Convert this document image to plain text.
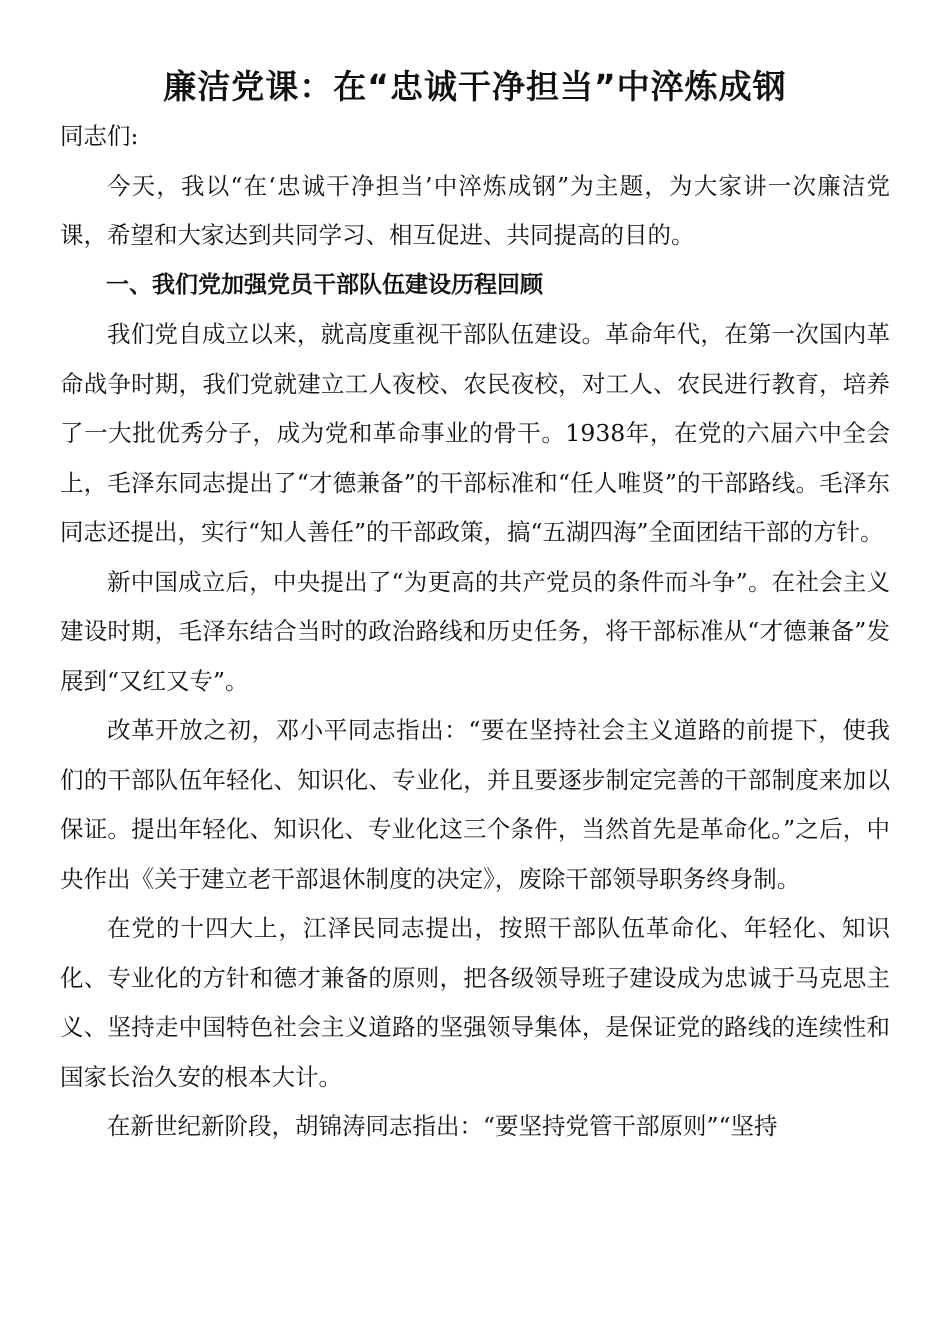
廉洁党课：在“忠诚干净担当”中淬炼成钢

同志们:

今天，我以“在‘忠诚干净担当’中淬炼成钢”为主题，为大家讲一次廉洁党课，希望和大家达到共同学习、相互促进、共同提高的目的。

一、我们党加强党员干部队伍建设历程回顾

我们党自成立以来，就高度重视干部队伍建设。革命年代，在第一次国内革命战争时期，我们党就建立工人夜校、农民夜校，对工人、农民进行教育，培养了一大批优秀分子，成为党和革命事业的骨干。1938年，在党的六届六中全会上，毛泽东同志提出了“才德兼备”的干部标准和“任人唯贤”的干部路线。毛泽东同志还提出，实行“知人善任”的干部政策，搞“五湖四海”全面团结干部的方针。

新中国成立后，中央提出了“为更高的共产党员的条件而斗争”。在社会主义建设时期，毛泽东结合当时的政治路线和历史任务，将干部标准从“才德兼备”发展到“又红又专”。

改革开放之初，邓小平同志指出：“要在坚持社会主义道路的前提下，使我们的干部队伍年轻化、知识化、专业化，并且要逐步制定完善的干部制度来加以保证。提出年轻化、知识化、专业化这三个条件，当然首先是革命化。”之后，中央作出《关于建立老干部退休制度的决定》，废除干部领导职务终身制。

在党的十四大上，江泽民同志提出，按照干部队伍革命化、年轻化、知识化、专业化的方针和德才兼备的原则，把各级领导班子建设成为忠诚于马克思主义、坚持走中国特色社会主义道路的坚强领导集体，是保证党的路线的连续性和国家长治久安的根本大计。

在新世纪新阶段，胡锦涛同志指出：“要坚持党管干部原则”“坚持
